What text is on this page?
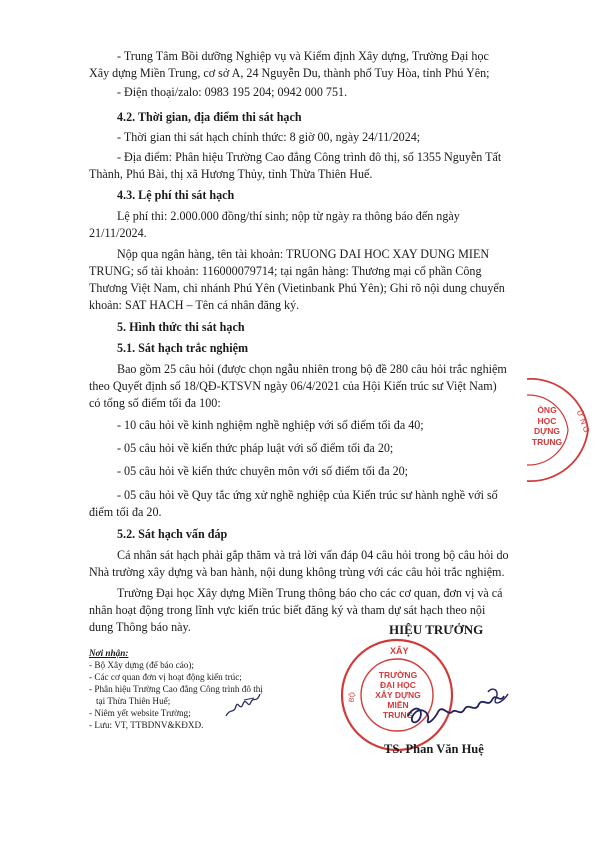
- Trung Tâm Bồi dưỡng Nghiệp vụ và Kiểm định Xây dựng, Trường Đại học
Xây dựng Miền Trung, cơ sở A, 24 Nguyễn Du, thành phố Tuy Hòa, tỉnh Phú Yên;
- Điện thoại/zalo: 0983 195 204; 0942 000 751.
4.2. Thời gian, địa điểm thi sát hạch
- Thời gian thi sát hạch chính thức: 8 giờ 00, ngày 24/11/2024;
- Địa điểm: Phân hiệu Trường Cao đẳng Công trình đô thị, số 1355 Nguyễn Tất
Thành, Phú Bài, thị xã Hương Thủy, tỉnh Thừa Thiên Huế.
4.3. Lệ phí thi sát hạch
Lệ phí thi: 2.000.000 đồng/thí sinh; nộp từ ngày ra thông báo đến ngày
21/11/2024.
Nộp qua ngân hàng, tên tài khoản: TRUONG DAI HOC XAY DUNG MIEN
TRUNG; số tài khoản: 116000079714; tại ngân hàng: Thương mại cổ phần Công
Thương Việt Nam, chi nhánh Phú Yên (Vietinbank Phú Yên); Ghi rõ nội dung chuyển
khoản: SAT HACH – Tên cá nhân đăng ký.
5. Hình thức thi sát hạch
5.1. Sát hạch trắc nghiệm
Bao gồm 25 câu hỏi (được chọn ngẫu nhiên trong bộ đề 280 câu hỏi trắc nghiệm
theo Quyết định số 18/QĐ-KTSVN ngày 06/4/2021 của Hội Kiến trúc sư Việt Nam)
có tổng số điểm tối đa 100:
- 10 câu hỏi về kinh nghiệm nghề nghiệp với số điểm tối đa 40;
- 05 câu hỏi về kiến thức pháp luật với số điểm tối đa 20;
- 05 câu hỏi về kiến thức chuyên môn với số điểm tối đa 20;
- 05 câu hỏi về Quy tắc ứng xử nghề nghiệp của Kiến trúc sư hành nghề với số
điểm tối đa 20.
5.2. Sát hạch vấn đáp
Cá nhân sát hạch phải gắp thăm và trả lời vấn đáp 04 câu hỏi trong bộ câu hỏi do
Nhà trường xây dựng và ban hành, nội dung không trùng với các câu hỏi trắc nghiệm.
Trường Đại học Xây dựng Miền Trung thông báo cho các cơ quan, đơn vị và cá
nhân hoạt động trong lĩnh vực kiến trúc biết đăng ký và tham dự sát hạch theo nội
dung Thông báo này.
Nơi nhận:
- Bộ Xây dựng (để báo cáo);
- Các cơ quan đơn vị hoạt động kiến trúc;
- Phân hiệu Trường Cao đẳng Công trình đô thị
tại Thừa Thiên Huế;
- Niêm yết website Trường;
- Lưu: VT, TTBDNV&KĐXD.
HIỆU TRƯỞNG
XÂY
BỘ
TRƯỜNG
ĐẠI HỌC
XÂY DỰNG
MIỀN TRUNG
TS. Phan Văn Huệ
Ừ N G
ÒNG
HỌC
DỰNG
TRUNG
